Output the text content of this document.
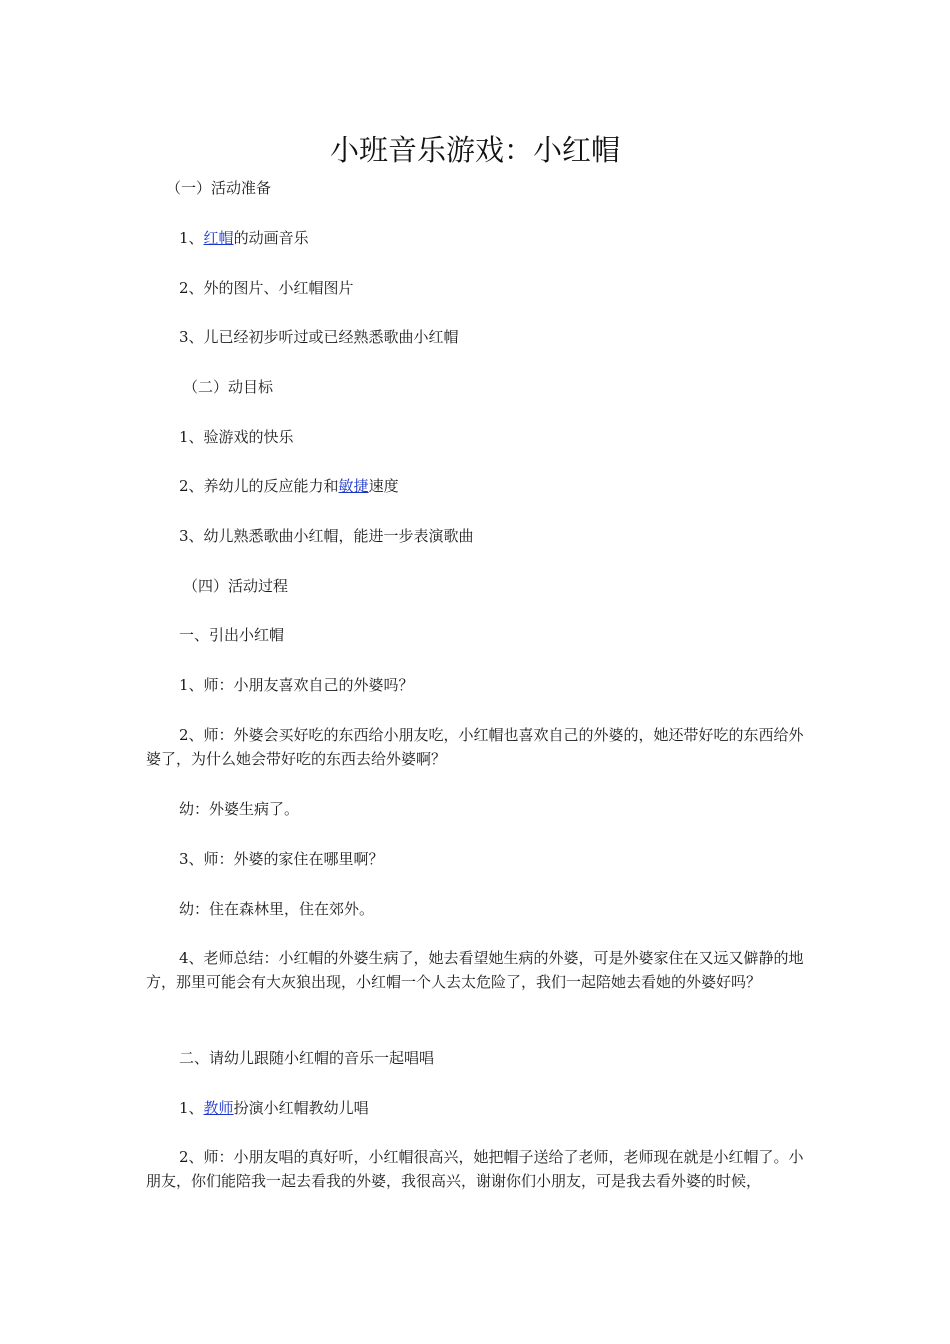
小班音乐游戏：小红帽
（一）活动准备
1、红帽的动画音乐
2、外的图片、小红帽图片
3、儿已经初步听过或已经熟悉歌曲小红帽
（二）动目标
1、验游戏的快乐
2、养幼儿的反应能力和敏捷速度
3、幼儿熟悉歌曲小红帽，能进一步表演歌曲
（四）活动过程
一、引出小红帽
1、师：小朋友喜欢自己的外婆吗？
2、师：外婆会买好吃的东西给小朋友吃，小红帽也喜欢自己的外婆的，她还带好吃的东西给外婆了，为什么她会带好吃的东西去给外婆啊？
幼：外婆生病了。
3、师：外婆的家住在哪里啊？
幼：住在森林里，住在郊外。
4、老师总结：小红帽的外婆生病了，她去看望她生病的外婆，可是外婆家住在又远又僻静的地方，那里可能会有大灰狼出现，小红帽一个人去太危险了，我们一起陪她去看她的外婆好吗？
二、请幼儿跟随小红帽的音乐一起唱唱
1、教师扮演小红帽教幼儿唱
2、师：小朋友唱的真好听，小红帽很高兴，她把帽子送给了老师，老师现在就是小红帽了。小朋友，你们能陪我一起去看我的外婆，我很高兴，谢谢你们小朋友，可是我去看外婆的时候，
